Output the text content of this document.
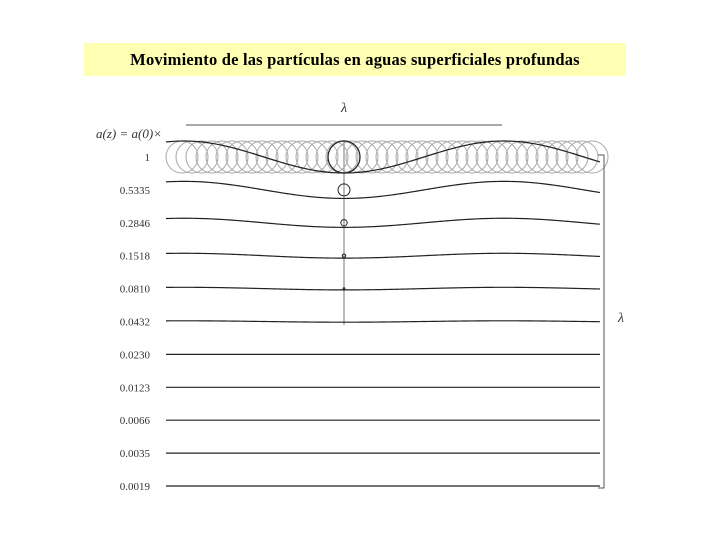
Movimiento de las partículas en aguas superficiales profundas
a(z) = a(0)×
λ
1
0.5335
0.2846
0.1518
0.0810
0.0432
0.0230
0.0123
0.0066
0.0035
0.0019
λ
